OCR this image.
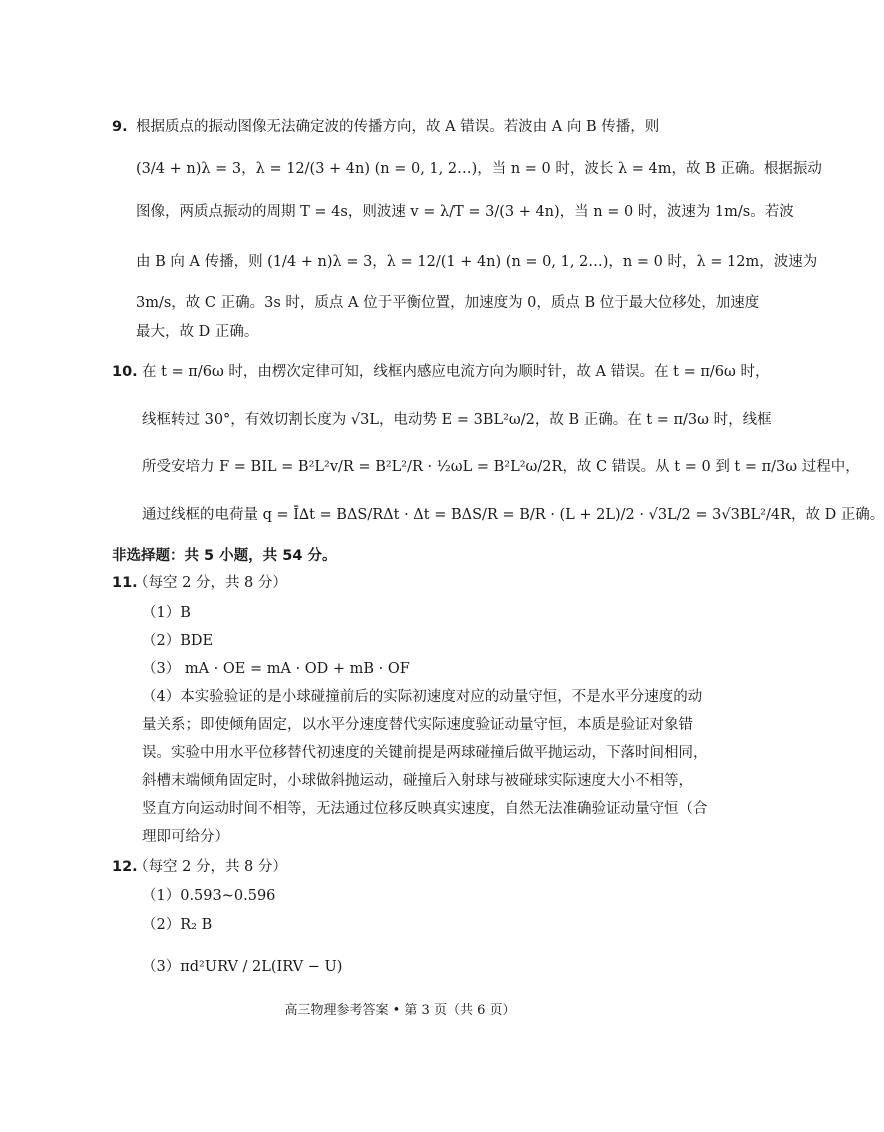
9. 根据质点的振动图像无法确定波的传播方向，故 A 错误。若波由 A 向 B 传播，则
(3/4 + n)λ = 3，λ = 12/(3 + 4n) (n = 0, 1, 2…)，当 n = 0 时，波长 λ = 4m，故 B 正确。根据振动
图像，两质点振动的周期 T = 4s，则波速 v = λ/T = 3/(3 + 4n)，当 n = 0 时，波速为 1m/s。若波
由 B 向 A 传播，则 (1/4 + n)λ = 3，λ = 12/(1 + 4n) (n = 0, 1, 2…)，n = 0 时，λ = 12m，波速为
3m/s，故 C 正确。3s 时，质点 A 位于平衡位置，加速度为 0，质点 B 位于最大位移处，加速度
最大，故 D 正确。
10. 在 t = π/6ω 时，由楞次定律可知，线框内感应电流方向为顺时针，故 A 错误。在 t = π/6ω 时，
线框转过 30°，有效切割长度为 √3L，电动势 E = 3BL²ω/2，故 B 正确。在 t = π/3ω 时，线框
所受安培力 F = BIL = B²L²v/R = B²L²/R · ½ωL = B²L²ω/2R，故 C 错误。从 t = 0 到 t = π/3ω 过程中，
通过线框的电荷量 q = Ī∆t = BΔS/RΔt · Δt = BΔS/R = B/R · (L + 2L)/2 · √3L/2 = 3√3BL²/4R，故 D 正确。
非选择题：共 5 小题，共 54 分。
11.
（每空 2 分，共 8 分）
（1）B
（2）BDE
（3） mA · OE = mA · OD + mB · OF
（4）本实验验证的是小球碰撞前后的实际初速度对应的动量守恒，不是水平分速度的动
量关系；即使倾角固定，以水平分速度替代实际速度验证动量守恒，本质是验证对象错
误。实验中用水平位移替代初速度的关键前提是两球碰撞后做平抛运动，下落时间相同，
斜槽末端倾角固定时，小球做斜抛运动，碰撞后入射球与被碰球实际速度大小不相等，
竖直方向运动时间不相等，无法通过位移反映真实速度，自然无法准确验证动量守恒（合
理即可给分）
12.
（每空 2 分，共 8 分）
（1）0.593~0.596
（2）R₂ B
（3）πd²URV / 2L(IRV − U)
高三物理参考答案 • 第 3 页（共 6 页）
